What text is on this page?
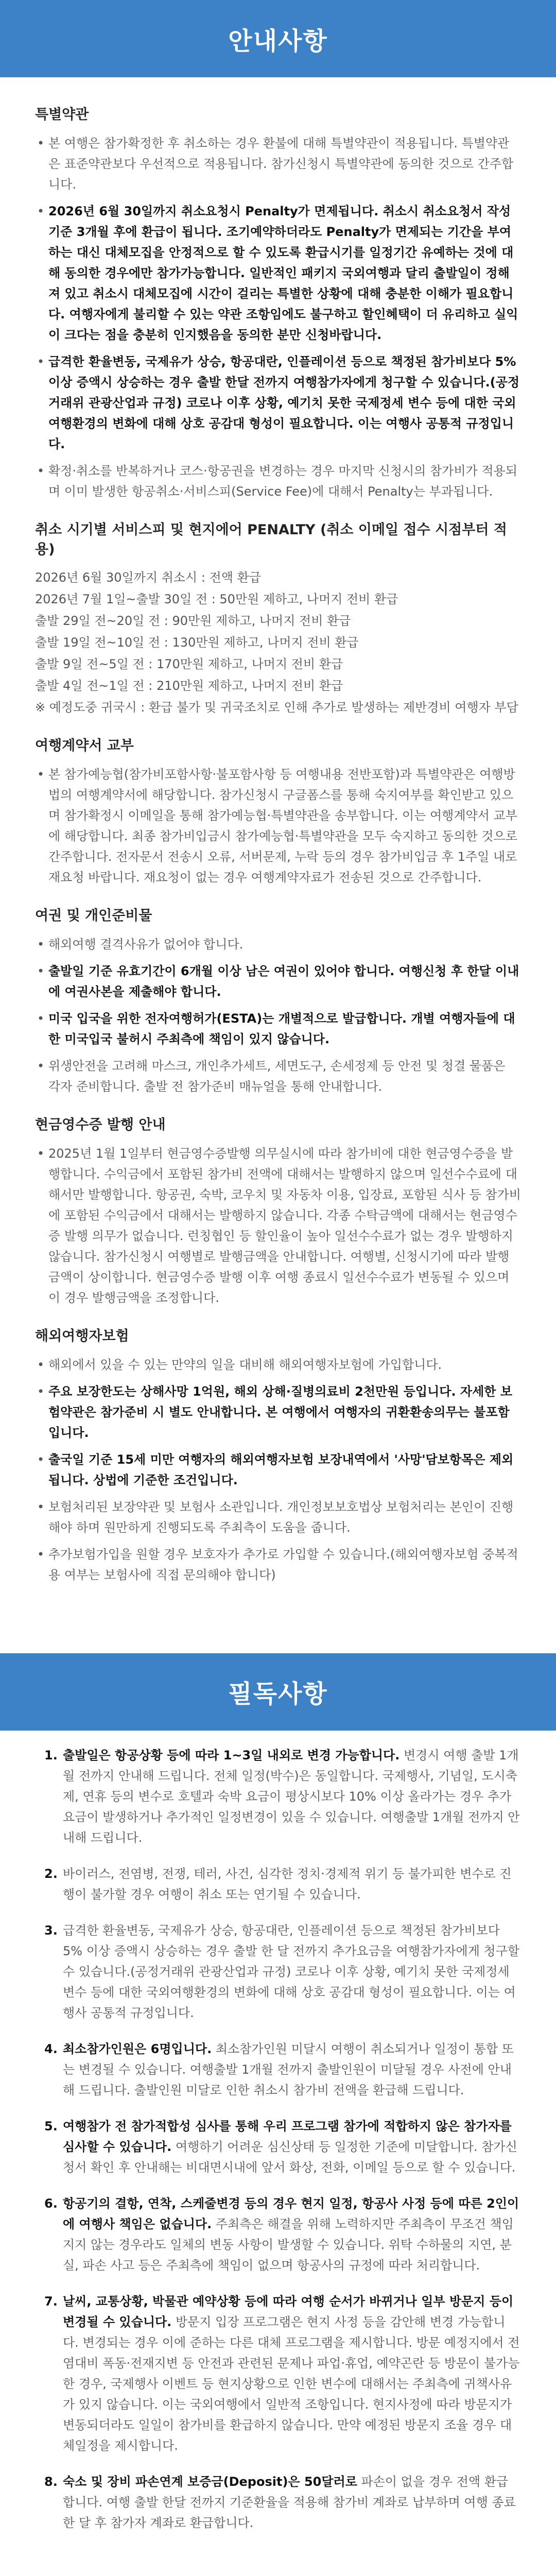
안내사항
특별약관
• 본 여행은 참가확정한 후 취소하는 경우 환불에 대해 특별약관이 적용됩니다. 특별약관은 표준약관보다 우선적으로 적용됩니다. 참가신청시 특별약관에 동의한 것으로 간주합니다.
• 2026년 6월 30일까지 취소요청시 Penalty가 면제됩니다. 취소시 취소요청서 작성 기준 3개월 후에 환급이 됩니다. 조기예약하더라도 Penalty가 면제되는 기간을 부여하는 대신 대체모집을 안정적으로 할 수 있도록 환급시기를 일정기간 유예하는 것에 대해 동의한 경우에만 참가가능합니다. 일반적인 패키지 국외여행과 달리 출발일이 정해져 있고 취소시 대체모집에 시간이 걸리는 특별한 상황에 대해 충분한 이해가 필요합니다. 여행자에게 불리할 수 있는 약관 조항임에도 불구하고 할인혜택이 더 유리하고 실익이 크다는 점을 충분히 인지했음을 동의한 분만 신청바랍니다.
• 급격한 환율변동, 국제유가 상승, 항공대란, 인플레이션 등으로 책정된 참가비보다 5% 이상 증액시 상승하는 경우 출발 한달 전까지 여행참가자에게 청구할 수 있습니다.(공정거래위 관광산업과 규정) 코로나 이후 상황, 예기치 못한 국제정세 변수 등에 대한 국외여행환경의 변화에 대해 상호 공감대 형성이 필요합니다. 이는 여행사 공통적 규정입니다.
• 확정·취소를 반복하거나 코스·항공권을 변경하는 경우 마지막 신청시의 참가비가 적용되며 이미 발생한 항공취소·서비스피(Service Fee)에 대해서 Penalty는 부과됩니다.
취소 시기별 서비스피 및 현지에어 PENALTY (취소 이메일 접수 시점부터 적용)
2026년 6월 30일까지 취소시 : 전액 환급
2026년 7월 1일~출발 30일 전 : 50만원 제하고, 나머지 전비 환급
출발 29일 전~20일 전 : 90만원 제하고, 나머지 전비 환급
출발 19일 전~10일 전 : 130만원 제하고, 나머지 전비 환급
출발 9일 전~5일 전 : 170만원 제하고, 나머지 전비 환급
출발 4일 전~1일 전 : 210만원 제하고, 나머지 전비 환급
※ 예정도중 귀국시 : 환급 불가 및 귀국조치로 인해 추가로 발생하는 제반경비 여행자 부담
여행계약서 교부
• 본 참가예능협(참가비포함사항·불포함사항 등 여행내용 전반포함)과 특별약관은 여행방법의 여행계약서에 해당합니다. 참가신청시 구글폼스를 통해 숙지여부를 확인받고 있으며 참가확정시 이메일을 통해 참가예능협·특별약관을 송부합니다. 이는 여행계약서 교부에 해당합니다. 최종 참가비입금시 참가예능협·특별약관을 모두 숙지하고 동의한 것으로 간주합니다. 전자문서 전송시 오류, 서버문제, 누락 등의 경우 참가비입금 후 1주일 내로 재요청 바랍니다. 재요청이 없는 경우 여행계약자료가 전송된 것으로 간주합니다.
여권 및 개인준비물
• 해외여행 결격사유가 없어야 합니다.
• 출발일 기준 유효기간이 6개월 이상 남은 여권이 있어야 합니다. 여행신청 후 한달 이내에 여권사본을 제출해야 합니다.
• 미국 입국을 위한 전자여행허가(ESTA)는 개별적으로 발급합니다. 개별 여행자들에 대한 미국입국 불허시 주최측에 책임이 있지 않습니다.
• 위생안전을 고려해 마스크, 개인추가세트, 세면도구, 손세정제 등 안전 및 청결 물품은 각자 준비합니다. 출발 전 참가준비 매뉴얼을 통해 안내합니다.
현금영수증 발행 안내
• 2025년 1월 1일부터 현금영수증발행 의무실시에 따라 참가비에 대한 현금영수증을 발행합니다. 수익금에서 포함된 참가비 전액에 대해서는 발행하지 않으며 일선수수료에 대해서만 발행합니다. 항공권, 숙박, 코우치 및 자동차 이용, 입장료, 포함된 식사 등 참가비에 포함된 수익금에서 대해서는 발행하지 않습니다. 각종 수탁금액에 대해서는 현금영수증 발행 의무가 없습니다. 런칭협인 등 할인율이 높아 일선수수료가 없는 경우 발행하지 않습니다. 참가신청시 여행별로 발행금액을 안내합니다. 여행별, 신청시기에 따라 발행금액이 상이합니다. 현금영수증 발행 이후 여행 종료시 일선수수료가 변동될 수 있으며 이 경우 발행금액을 조정합니다.
해외여행자보험
• 해외에서 있을 수 있는 만약의 일을 대비해 해외여행자보험에 가입합니다.
• 주요 보장한도는 상해사망 1억원, 해외 상해·질병의료비 2천만원 등입니다. 자세한 보험약관은 참가준비 시 별도 안내합니다. 본 여행에서 여행자의 귀환환송의무는 불포함입니다.
• 출국일 기준 15세 미만 여행자의 해외여행자보험 보장내역에서 '사망'담보항목은 제외됩니다. 상법에 기준한 조건입니다.
• 보험처리된 보장약관 및 보험사 소관입니다. 개인정보보호법상 보험처리는 본인이 진행해야 하며 원만하게 진행되도록 주최측이 도움을 줍니다.
• 추가보험가입을 원할 경우 보호자가 추가로 가입할 수 있습니다.(해외여행자보험 중복적용 여부는 보험사에 직접 문의해야 합니다)
필독사항
1. 출발일은 항공상황 등에 따라 1~3일 내외로 변경 가능합니다. 변경시 여행 출발 1개월 전까지 안내해 드립니다. 전체 일정(박수)은 동일합니다. 국제행사, 기념일, 도시축제, 연휴 등의 변수로 호텔과 숙박 요금이 평상시보다 10% 이상 올라가는 경우 추가요금이 발생하거나 추가적인 일정변경이 있을 수 있습니다. 여행출발 1개월 전까지 안내해 드립니다.
2. 바이러스, 전염병, 전쟁, 테러, 사건, 심각한 정치·경제적 위기 등 불가피한 변수로 진행이 불가할 경우 여행이 취소 또는 연기될 수 있습니다.
3. 급격한 환율변동, 국제유가 상승, 항공대란, 인플레이션 등으로 책정된 참가비보다 5% 이상 증액시 상승하는 경우 출발 한 달 전까지 추가요금을 여행참가자에게 청구할 수 있습니다.(공정거래위 관광산업과 규정) 코로나 이후 상황, 예기치 못한 국제정세 변수 등에 대한 국외여행환경의 변화에 대해 상호 공감대 형성이 필요합니다. 이는 여행사 공통적 규정입니다.
4. 최소참가인원은 6명입니다. 최소참가인원 미달시 여행이 취소되거나 일정이 통합 또는 변경될 수 있습니다. 여행출발 1개월 전까지 출발인원이 미달될 경우 사전에 안내해 드립니다. 출발인원 미달로 인한 취소시 참가비 전액을 환급해 드립니다.
5. 여행참가 전 참가적합성 심사를 통해 우리 프로그램 참가에 적합하지 않은 참가자를 심사할 수 있습니다. 여행하기 어려운 심신상태 등 일정한 기준에 미달합니다. 참가신청서 확인 후 안내해는 비대면시내에 앞서 화상, 전화, 이메일 등으로 할 수 있습니다.
6. 항공기의 결항, 연착, 스케줄변경 등의 경우 현지 일정, 항공사 사정 등에 따른 2인이에 여행사 책임은 없습니다. 주최측은 해결을 위해 노력하지만 주최측이 무조건 책임지지 않는 경우라도 일체의 변동 사항이 발생할 수 있습니다. 위탁 수하물의 지연, 분실, 파손 사고 등은 주최측에 책임이 없으며 항공사의 규정에 따라 처리합니다.
7. 날씨, 교통상황, 박물관 예약상황 등에 따라 여행 순서가 바뀌거나 일부 방문지 등이 변경될 수 있습니다. 방문지 입장 프로그램은 현지 사정 등을 감안해 변경 가능합니다. 변경되는 경우 이에 준하는 다른 대체 프로그램을 제시합니다. 방문 예정지에서 전염대비 폭동·전재지변 등 안전과 관련된 문제나 파업·휴업, 예약곤란 등 방문이 불가능한 경우, 국제행사 이벤트 등 현지상황으로 인한 변수에 대해서는 주최측에 귀책사유가 있지 않습니다. 이는 국외여행에서 일반적 조항입니다. 현지사정에 따라 방문지가 변동되더라도 일일이 참가비를 환급하지 않습니다. 만약 예정된 방문지 조율 경우 대체일정을 제시합니다.
8. 숙소 및 장비 파손연계 보증금(Deposit)은 50달러로 파손이 없을 경우 전액 환급합니다. 여행 출발 한달 전까지 기준환율을 적용해 참가비 계좌로 납부하며 여행 종료 한 달 후 참가자 계좌로 환급합니다.
